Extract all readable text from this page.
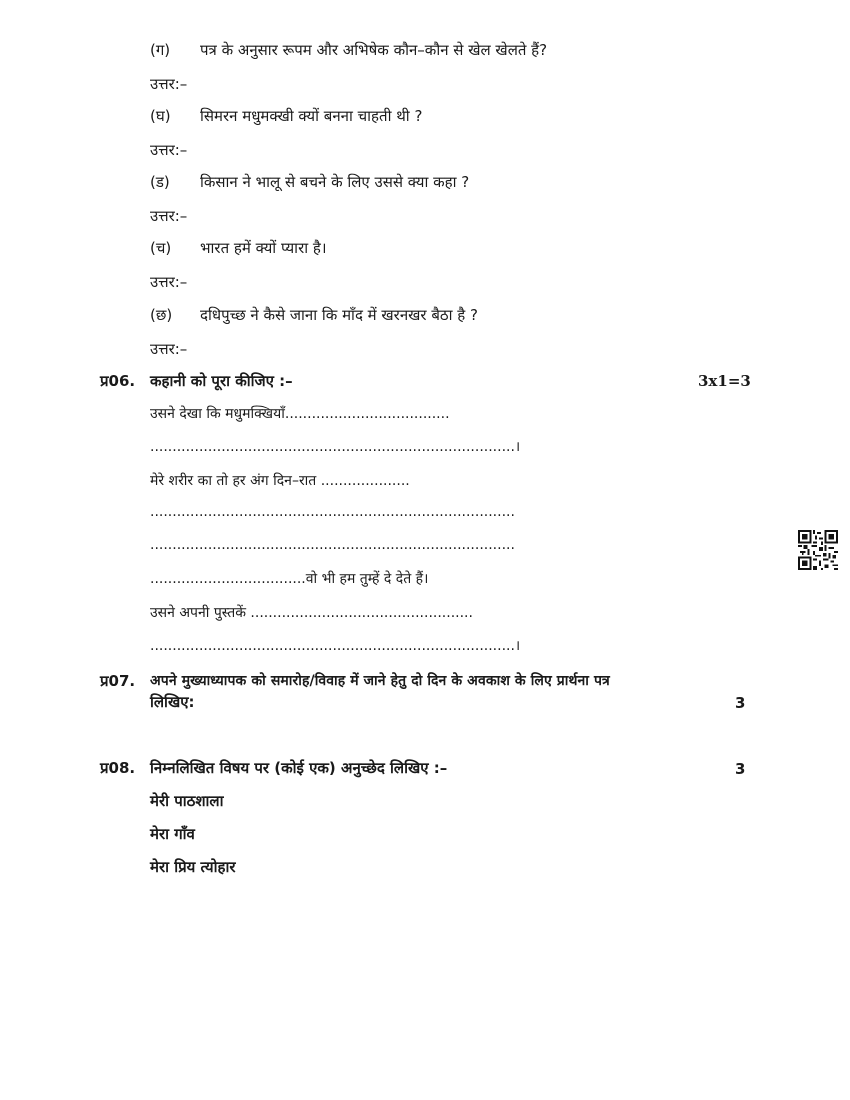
(ग) पत्र के अनुसार रूपम और अभिषेक कौन–कौन से खेल खेलते हैं?
उत्तर:–
(घ) सिमरन मधुमक्खी क्यों बनना चाहती थी ?
उत्तर:–
(ड) किसान ने भालू से बचने के लिए उससे क्या कहा ?
उत्तर:–
(च) भारत हमें क्यों प्यारा है।
उत्तर:–
(छ) दधिपुच्छ ने कैसे जाना कि माँद में खरनखर बैठा है ?
उत्तर:–
प्र06. कहानी को पूरा कीजिए :–	3x1=3
उसने देखा कि मधुमक्खियाँ.....................................
..................................................................................।
मेरे शरीर का तो हर अंग दिन–रात ....................
..................................................................................
..................................................................................
...................................वो भी हम तुम्हें दे देते हैं।
उसने अपनी पुस्तकें ..................................................
..................................................................................।
प्र07. अपने मुख्याध्यापक को समारोह/विवाह में जाने हेतु दो दिन के अवकाश के लिए प्रार्थना पत्र
लिखिए:	3
प्र08. निम्नलिखित विषय पर (कोई एक) अनुच्छेद लिखिए :–	3
मेरी पाठशाला
मेरा गाँव
मेरा प्रिय त्योहार
